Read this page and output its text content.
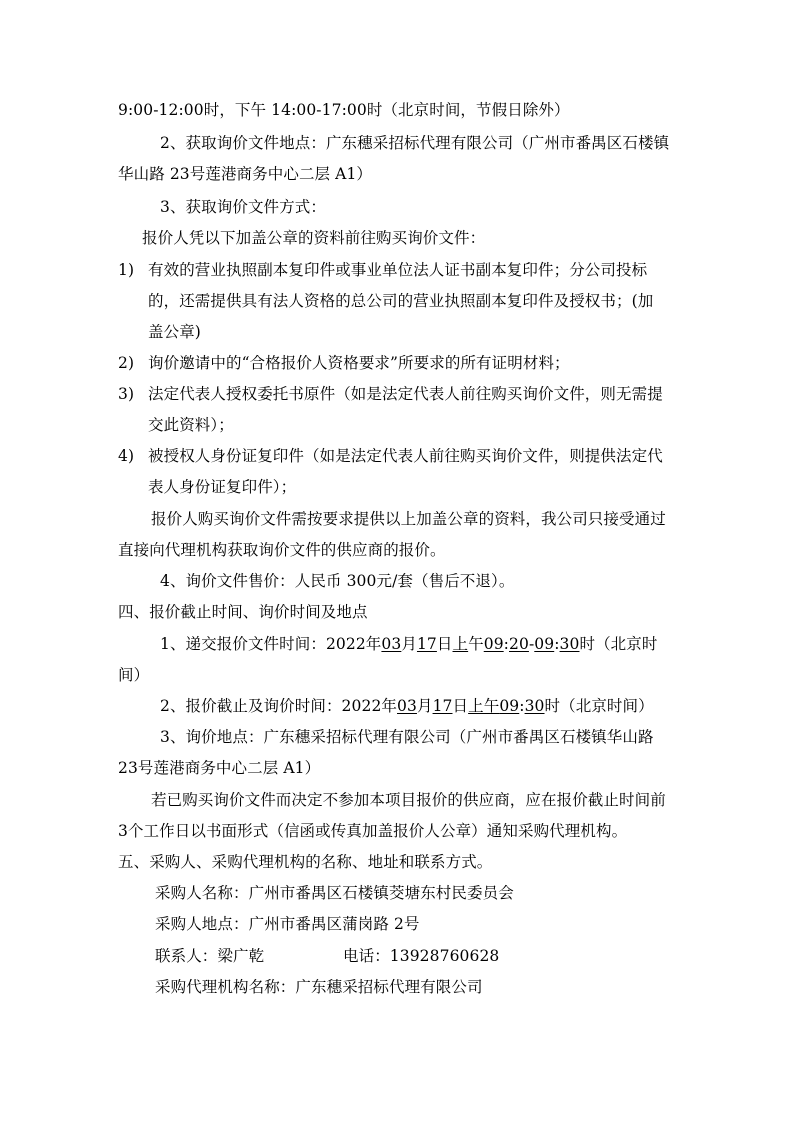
9:00-12:00时，下午 14:00-17:00时（北京时间，节假日除外）
2、获取询价文件地点：广东穗采招标代理有限公司（广州市番禺区石楼镇
华山路 23号莲港商务中心二层 A1）
3、获取询价文件方式：
报价人凭以下加盖公章的资料前往购买询价文件：
1) 有效的营业执照副本复印件或事业单位法人证书副本复印件；分公司投标
的，还需提供具有法人资格的总公司的营业执照副本复印件及授权书；(加
盖公章)
2) 询价邀请中的“合格报价人资格要求”所要求的所有证明材料；
3) 法定代表人授权委托书原件（如是法定代表人前往购买询价文件，则无需提
交此资料）；
4) 被授权人身份证复印件（如是法定代表人前往购买询价文件，则提供法定代
表人身份证复印件）；
报价人购买询价文件需按要求提供以上加盖公章的资料，我公司只接受通过
直接向代理机构获取询价文件的供应商的报价。
4、询价文件售价：人民币 300元/套（售后不退）。
四、报价截止时间、询价时间及地点
1、递交报价文件时间：2022年03月17日上午09:20-09:30时（北京时
间）
2、报价截止及询价时间：2022年03月17日上午09:30时（北京时间）
3、询价地点：广东穗采招标代理有限公司（广州市番禺区石楼镇华山路
23号莲港商务中心二层 A1）
若已购买询价文件而决定不参加本项目报价的供应商，应在报价截止时间前
3个工作日以书面形式（信函或传真加盖报价人公章）通知采购代理机构。
五、采购人、采购代理机构的名称、地址和联系方式。
采购人名称：广州市番禺区石楼镇茭塘东村民委员会
采购人地点：广州市番禺区蒲岗路 2号
联系人：梁广乾	电话：13928760628
采购代理机构名称：广东穗采招标代理有限公司
